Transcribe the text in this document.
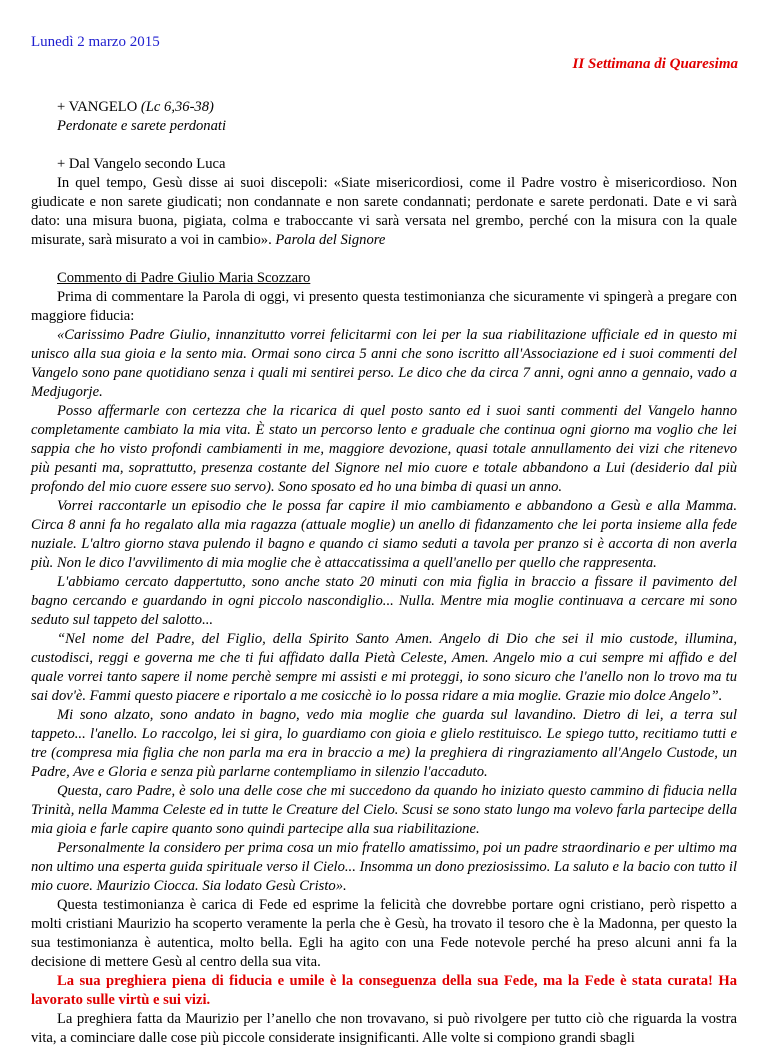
Lunedì 2 marzo 2015
II Settimana di Quaresima
+ VANGELO (Lc 6,36-38)
Perdonate e sarete perdonati
+ Dal Vangelo secondo Luca

In quel tempo, Gesù disse ai suoi discepoli: «Siate misericordiosi, come il Padre vostro è misericordioso. Non giudicate e non sarete giudicati; non condannate e non sarete condannati; perdonate e sarete perdonati. Date e vi sarà dato: una misura buona, pigiata, colma e traboccante vi sarà versata nel grembo, perché con la misura con la quale misurate, sarà misurato a voi in cambio». Parola del Signore

Commento di Padre Giulio Maria Scozzaro

Prima di commentare la Parola di oggi, vi presento questa testimonianza che sicuramente vi spingerà a pregare con maggiore fiducia:

«Carissimo Padre Giulio, innanzitutto vorrei felicitarmi con lei per la sua riabilitazione ufficiale ed in questo mi unisco alla sua gioia e la sento mia. Ormai sono circa 5 anni che sono iscritto all'Associazione ed i suoi commenti del Vangelo sono pane quotidiano senza i quali mi sentirei perso. Le dico che da circa 7 anni, ogni anno a gennaio, vado a Medjugorje.

Posso affermarle con certezza che la ricarica di quel posto santo ed i suoi santi commenti del Vangelo hanno completamente cambiato la mia vita. È stato un percorso lento e graduale che continua ogni giorno ma voglio che lei sappia che ho visto profondi cambiamenti in me, maggiore devozione, quasi totale annullamento dei vizi che ritenevo più pesanti ma, soprattutto, presenza costante del Signore nel mio cuore e totale abbandono a Lui (desiderio dal più profondo del mio cuore essere suo servo). Sono sposato ed ho una bimba di quasi un anno.

Vorrei raccontarle un episodio che le possa far capire il mio cambiamento e abbandono a Gesù e alla Mamma. Circa 8 anni fa ho regalato alla mia ragazza (attuale moglie) un anello di fidanzamento che lei porta insieme alla fede nuziale. L'altro giorno stava pulendo il bagno e quando ci siamo seduti a tavola per pranzo si è accorta di non averla più. Non le dico l'avvilimento di mia moglie che è attaccatissima a quell'anello per quello che rappresenta.

L'abbiamo cercato dappertutto, sono anche stato 20 minuti con mia figlia in braccio a fissare il pavimento del bagno cercando e guardando in ogni piccolo nascondiglio... Nulla. Mentre mia moglie continuava a cercare mi sono seduto sul tappeto del salotto...

“Nel nome del Padre, del Figlio, della Spirito Santo Amen. Angelo di Dio che sei il mio custode, illumina, custodisci, reggi e governa me che ti fui affidato dalla Pietà Celeste, Amen. Angelo mio a cui sempre mi affido e del quale vorrei tanto sapere il nome perchè sempre mi assisti e mi proteggi, io sono sicuro che l'anello non lo trovo ma tu sai dov'è. Fammi questo piacere e riportalo a me cosicchè io lo possa ridare a mia moglie. Grazie mio dolce Angelo”.

Mi sono alzato, sono andato in bagno, vedo mia moglie che guarda sul lavandino. Dietro di lei, a terra sul tappeto... l'anello. Lo raccolgo, lei si gira, lo guardiamo con gioia e glielo restituisco. Le spiego tutto, recitiamo tutti e tre (compresa mia figlia che non parla ma era in braccio a me) la preghiera di ringraziamento all'Angelo Custode, un Padre, Ave e Gloria e senza più parlarne contempliamo in silenzio l'accaduto.

Questa, caro Padre, è solo una delle cose che mi succedono da quando ho iniziato questo cammino di fiducia nella Trinità, nella Mamma Celeste ed in tutte le Creature del Cielo. Scusi se sono stato lungo ma volevo farla partecipe della mia gioia e farle capire quanto sono quindi partecipe alla sua riabilitazione.

Personalmente la considero per prima cosa un mio fratello amatissimo, poi un padre straordinario e per ultimo ma non ultimo una esperta guida spirituale verso il Cielo... Insomma un dono preziosissimo. La saluto e la bacio con tutto il mio cuore. Maurizio Ciocca. Sia lodato Gesù Cristo».

Questa testimonianza è carica di Fede ed esprime la felicità che dovrebbe portare ogni cristiano, però rispetto a molti cristiani Maurizio ha scoperto veramente la perla che è Gesù, ha trovato il tesoro che è la Madonna, per questo la sua testimonianza è autentica, molto bella. Egli ha agito con una Fede notevole perché ha preso alcuni anni fa la decisione di mettere Gesù al centro della sua vita.

La sua preghiera piena di fiducia e umile è la conseguenza della sua Fede, ma la Fede è stata curata! Ha lavorato sulle virtù e sui vizi.

La preghiera fatta da Maurizio per l’anello che non trovavano, si può rivolgere per tutto ciò che riguarda la vostra vita, a cominciare dalle cose più piccole considerate insignificanti. Alle volte si compiono grandi sbagli
